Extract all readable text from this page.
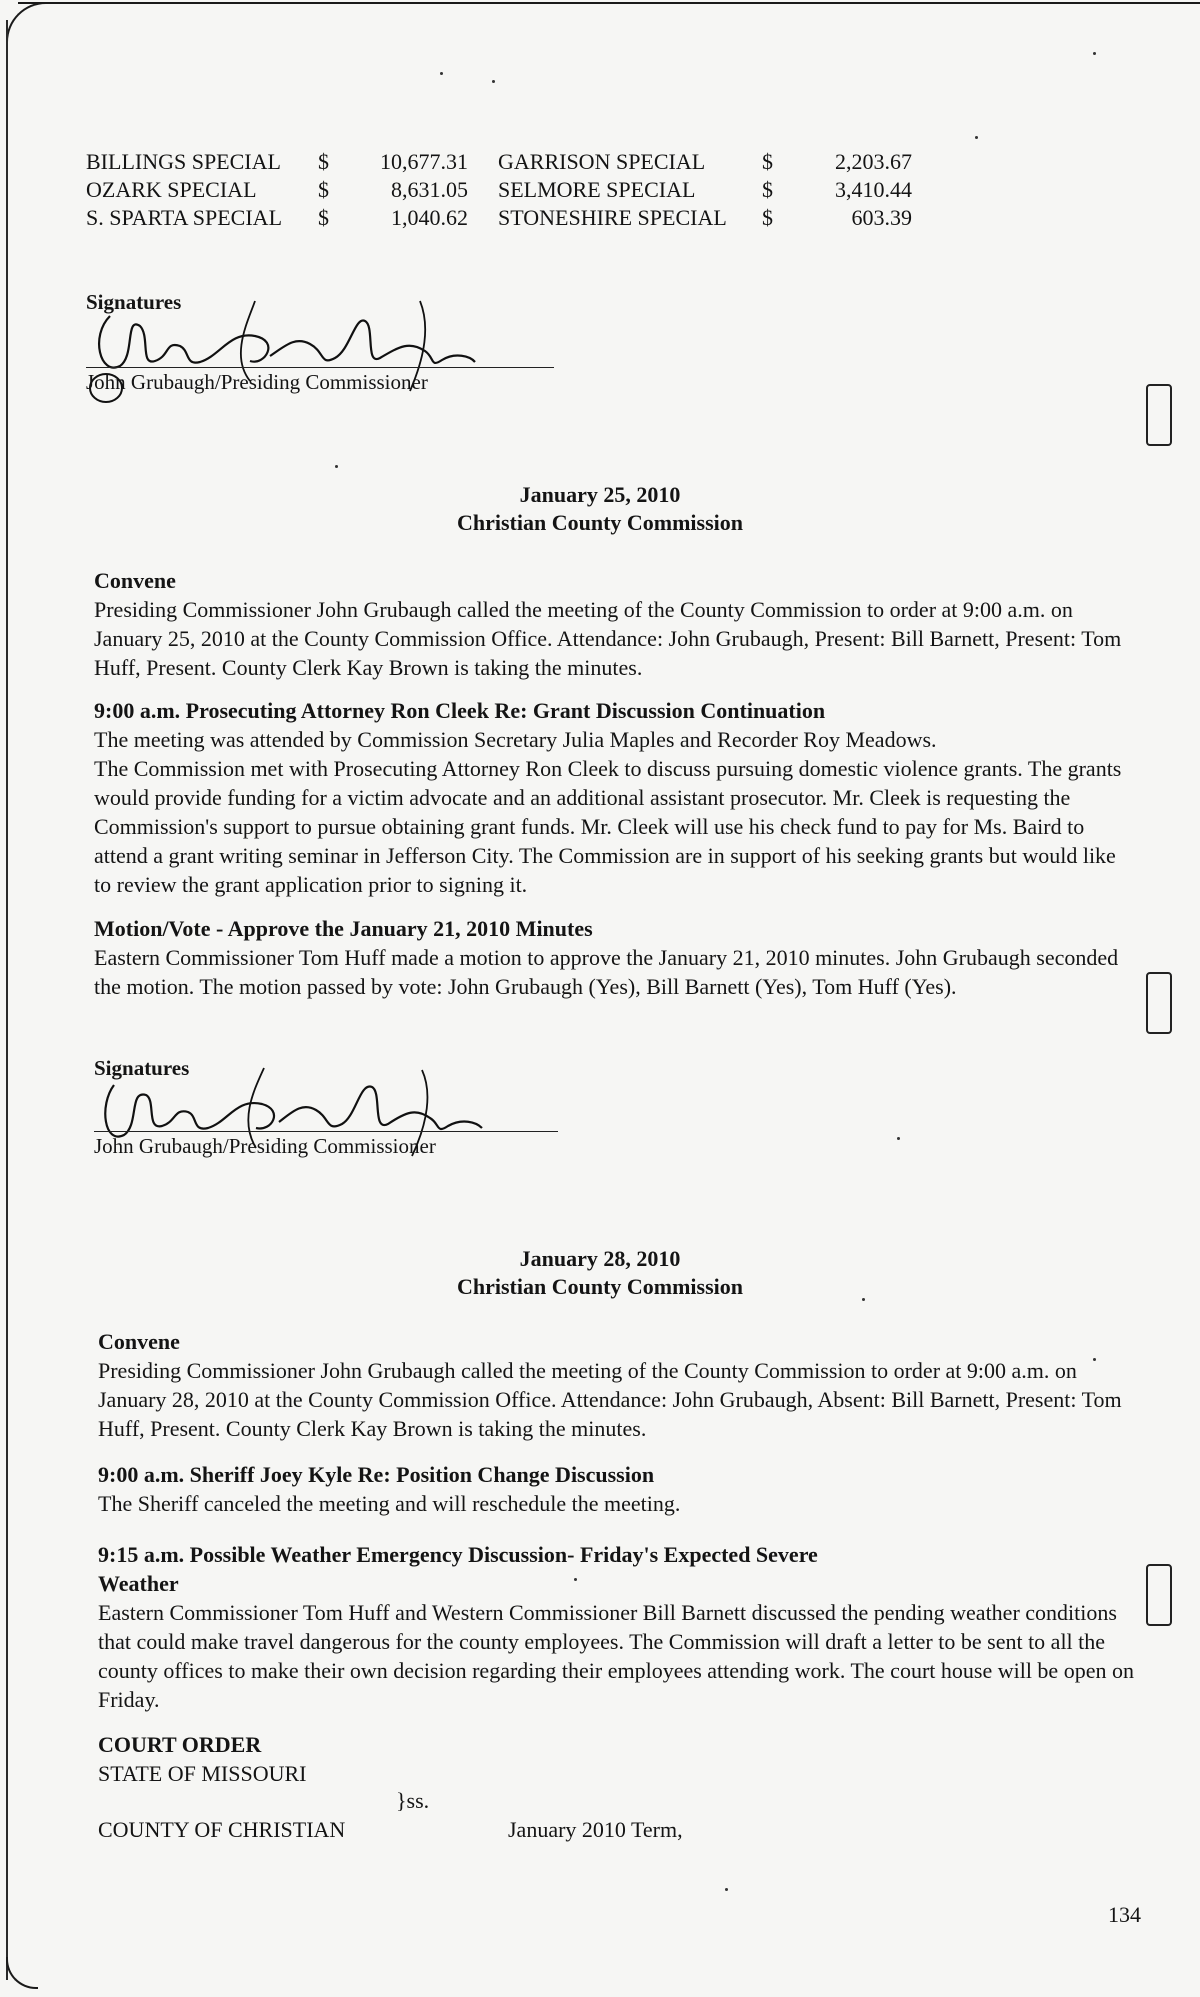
BILLINGS SPECIAL	$	10,677.31	GARRISON SPECIAL	$	2,203.67
OZARK SPECIAL	$	8,631.05	SELMORE SPECIAL	$	3,410.44
S. SPARTA SPECIAL	$	1,040.62	STONESHIRE SPECIAL	$	603.39
Signatures
John Grubaugh/Presiding Commissioner
January 25, 2010
Christian County Commission
Convene

Presiding Commissioner John Grubaugh called the meeting of the County Commission to order at 9:00 a.m. on January 25, 2010 at the County Commission Office. Attendance: John Grubaugh, Present: Bill Barnett, Present: Tom Huff, Present. County Clerk Kay Brown is taking the minutes.

9:00 a.m. Prosecuting Attorney Ron Cleek Re: Grant Discussion Continuation

The meeting was attended by Commission Secretary Julia Maples and Recorder Roy Meadows.

The Commission met with Prosecuting Attorney Ron Cleek to discuss pursuing domestic violence grants. The grants would provide funding for a victim advocate and an additional assistant prosecutor. Mr. Cleek is requesting the Commission's support to pursue obtaining grant funds. Mr. Cleek will use his check fund to pay for Ms. Baird to attend a grant writing seminar in Jefferson City. The Commission are in support of his seeking grants but would like to review the grant application prior to signing it.

Motion/Vote - Approve the January 21, 2010 Minutes

Eastern Commissioner Tom Huff made a motion to approve the January 21, 2010 minutes. John Grubaugh seconded the motion. The motion passed by vote: John Grubaugh (Yes), Bill Barnett (Yes), Tom Huff (Yes).

Signatures
John Grubaugh/Presiding Commissioner
January 28, 2010
Christian County Commission
Convene

Presiding Commissioner John Grubaugh called the meeting of the County Commission to order at 9:00 a.m. on January 28, 2010 at the County Commission Office. Attendance: John Grubaugh, Absent: Bill Barnett, Present: Tom Huff, Present. County Clerk Kay Brown is taking the minutes.

9:00 a.m. Sheriff Joey Kyle Re: Position Change Discussion

The Sheriff canceled the meeting and will reschedule the meeting.

9:15 a.m. Possible Weather Emergency Discussion- Friday's Expected Severe
Weather

Eastern Commissioner Tom Huff and Western Commissioner Bill Barnett discussed the pending weather conditions that could make travel dangerous for the county employees. The Commission will draft a letter to be sent to all the county offices to make their own decision regarding their employees attending work. The court house will be open on Friday.

COURT ORDER
STATE OF MISSOURI
}ss.
COUNTY OF CHRISTIAN	January 2010 Term,
134
